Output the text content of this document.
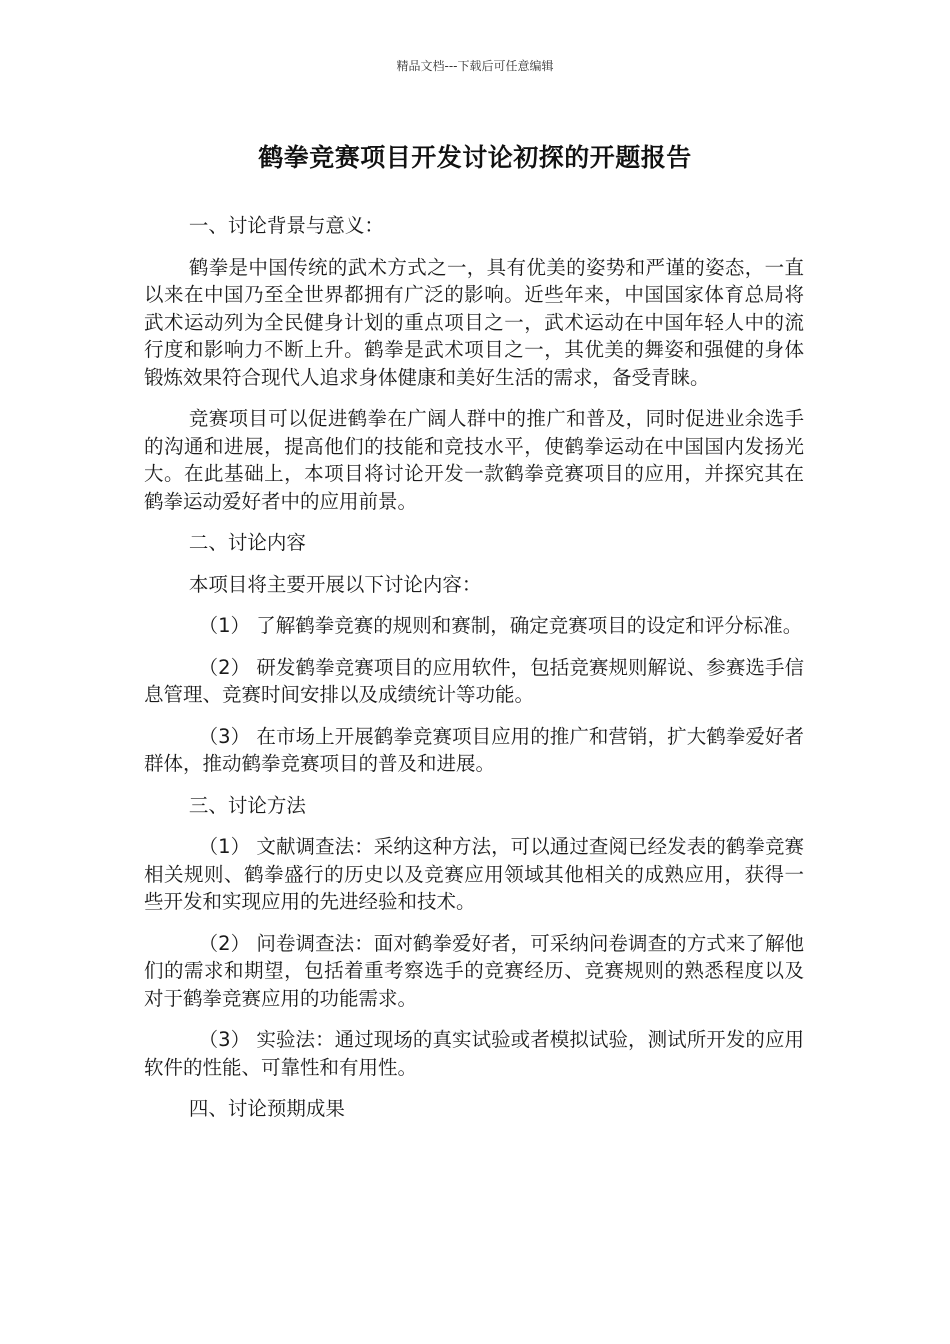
精品文档---下载后可任意编辑
鹤拳竞赛项目开发讨论初探的开题报告

一、讨论背景与意义：

鹤拳是中国传统的武术方式之一，具有优美的姿势和严谨的姿态，一直以来在中国乃至全世界都拥有广泛的影响。近些年来，中国国家体育总局将武术运动列为全民健身计划的重点项目之一，武术运动在中国年轻人中的流行度和影响力不断上升。鹤拳是武术项目之一，其优美的舞姿和强健的身体锻炼效果符合现代人追求身体健康和美好生活的需求，备受青睐。

竞赛项目可以促进鹤拳在广阔人群中的推广和普及，同时促进业余选手的沟通和进展，提高他们的技能和竞技水平，使鹤拳运动在中国国内发扬光大。在此基础上，本项目将讨论开发一款鹤拳竞赛项目的应用，并探究其在鹤拳运动爱好者中的应用前景。

二、讨论内容

本项目将主要开展以下讨论内容：

（1） 了解鹤拳竞赛的规则和赛制，确定竞赛项目的设定和评分标准。

（2） 研发鹤拳竞赛项目的应用软件，包括竞赛规则解说、参赛选手信息管理、竞赛时间安排以及成绩统计等功能。

（3） 在市场上开展鹤拳竞赛项目应用的推广和营销，扩大鹤拳爱好者群体，推动鹤拳竞赛项目的普及和进展。

三、讨论方法

（1） 文献调查法：采纳这种方法，可以通过查阅已经发表的鹤拳竞赛相关规则、鹤拳盛行的历史以及竞赛应用领域其他相关的成熟应用，获得一些开发和实现应用的先进经验和技术。

（2） 问卷调查法：面对鹤拳爱好者，可采纳问卷调查的方式来了解他们的需求和期望，包括着重考察选手的竞赛经历、竞赛规则的熟悉程度以及对于鹤拳竞赛应用的功能需求。

（3） 实验法：通过现场的真实试验或者模拟试验，测试所开发的应用软件的性能、可靠性和有用性。

四、讨论预期成果
